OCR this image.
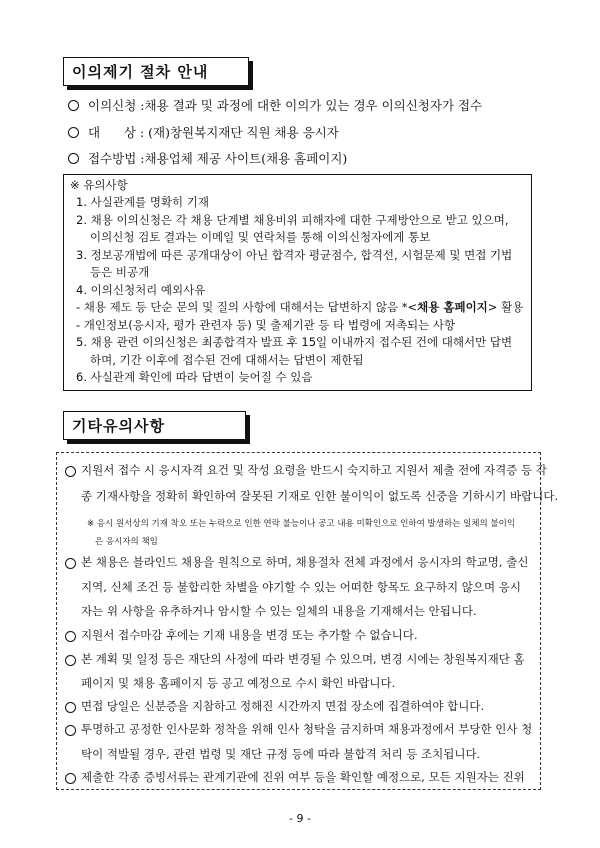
이의제기 절차 안내
이의신청 : 채용 결과 및 과정에 대한 이의가 있는 경우 이의신청자가 접수
대      상 : (재)창원복지재단 직원 채용 응시자
접수방법 : 채용업체 제공 사이트(채용 홈페이지)
※ 유의사항
1. 사실관계를 명확히 기재
2. 채용 이의신청은 각 채용 단계별 채용비위 피해자에 대한 구제방안으로 받고 있으며,
이의신청 검토 결과는 이메일 및 연락처를 통해 이의신청자에게 통보
3. 정보공개법에 따른 공개대상이 아닌 합격자 평균점수, 합격선, 시험문제 및 면접 기법
등은 비공개
4. 이의신청처리 예외사유
- 채용 제도 등 단순 문의 및 질의 사항에 대해서는 답변하지 않음 *<채용 홈페이지> 활용
- 개인정보(응시자, 평가 관련자 등) 및 출제기관 등 타 법령에 저촉되는 사항
5. 채용 관련 이의신청은 최종합격자 발표 후 15일 이내까지 접수된 건에 대해서만 답변
하며, 기간 이후에 접수된 건에 대해서는 답변이 제한됨
6. 사실관계 확인에 따라 답변이 늦어질 수 있음
기타유의사항
지원서 접수 시 응시자격 요건 및 작성 요령을 반드시 숙지하고 지원서 제출 전에 자격증 등 각
종 기재사항을 정확히 확인하여 잘못된 기재로 인한 불이익이 없도록 신중을 기하시기 바랍니다.
※ 응시 원서상의 기재 착오 또는 누락으로 인한 연락 불능이나 공고 내용 미확인으로 인하여 발생하는 일체의 불이익
은 응시자의 책임
본 채용은 블라인드 채용을 원칙으로 하며, 채용절차 전체 과정에서 응시자의 학교명, 출신
지역, 신체 조건 등 불합리한 차별을 야기할 수 있는 어떠한 항목도 요구하지 않으며 응시
자는 위 사항을 유추하거나 암시할 수 있는 일체의 내용을 기재해서는 안됩니다.
지원서 접수마감 후에는 기재 내용을 변경 또는 추가할 수 없습니다.
본 계획 및 일정 등은 재단의 사정에 따라 변경될 수 있으며, 변경 시에는 창원복지재단 홈
페이지 및 채용 홈페이지 등 공고 예정으로 수시 확인 바랍니다.
면접 당일은 신분증을 지참하고 정해진 시간까지 면접 장소에 집결하여야 합니다.
투명하고 공정한 인사문화 정착을 위해 인사 청탁을 금지하며 채용과정에서 부당한 인사 청
탁이 적발될 경우, 관련 법령 및 재단 규정 등에 따라 불합격 처리 등 조치됩니다.
제출한 각종 증빙서류는 관계기관에 진위 여부 등을 확인할 예정으로, 모든 지원자는 진위
- 9 -
